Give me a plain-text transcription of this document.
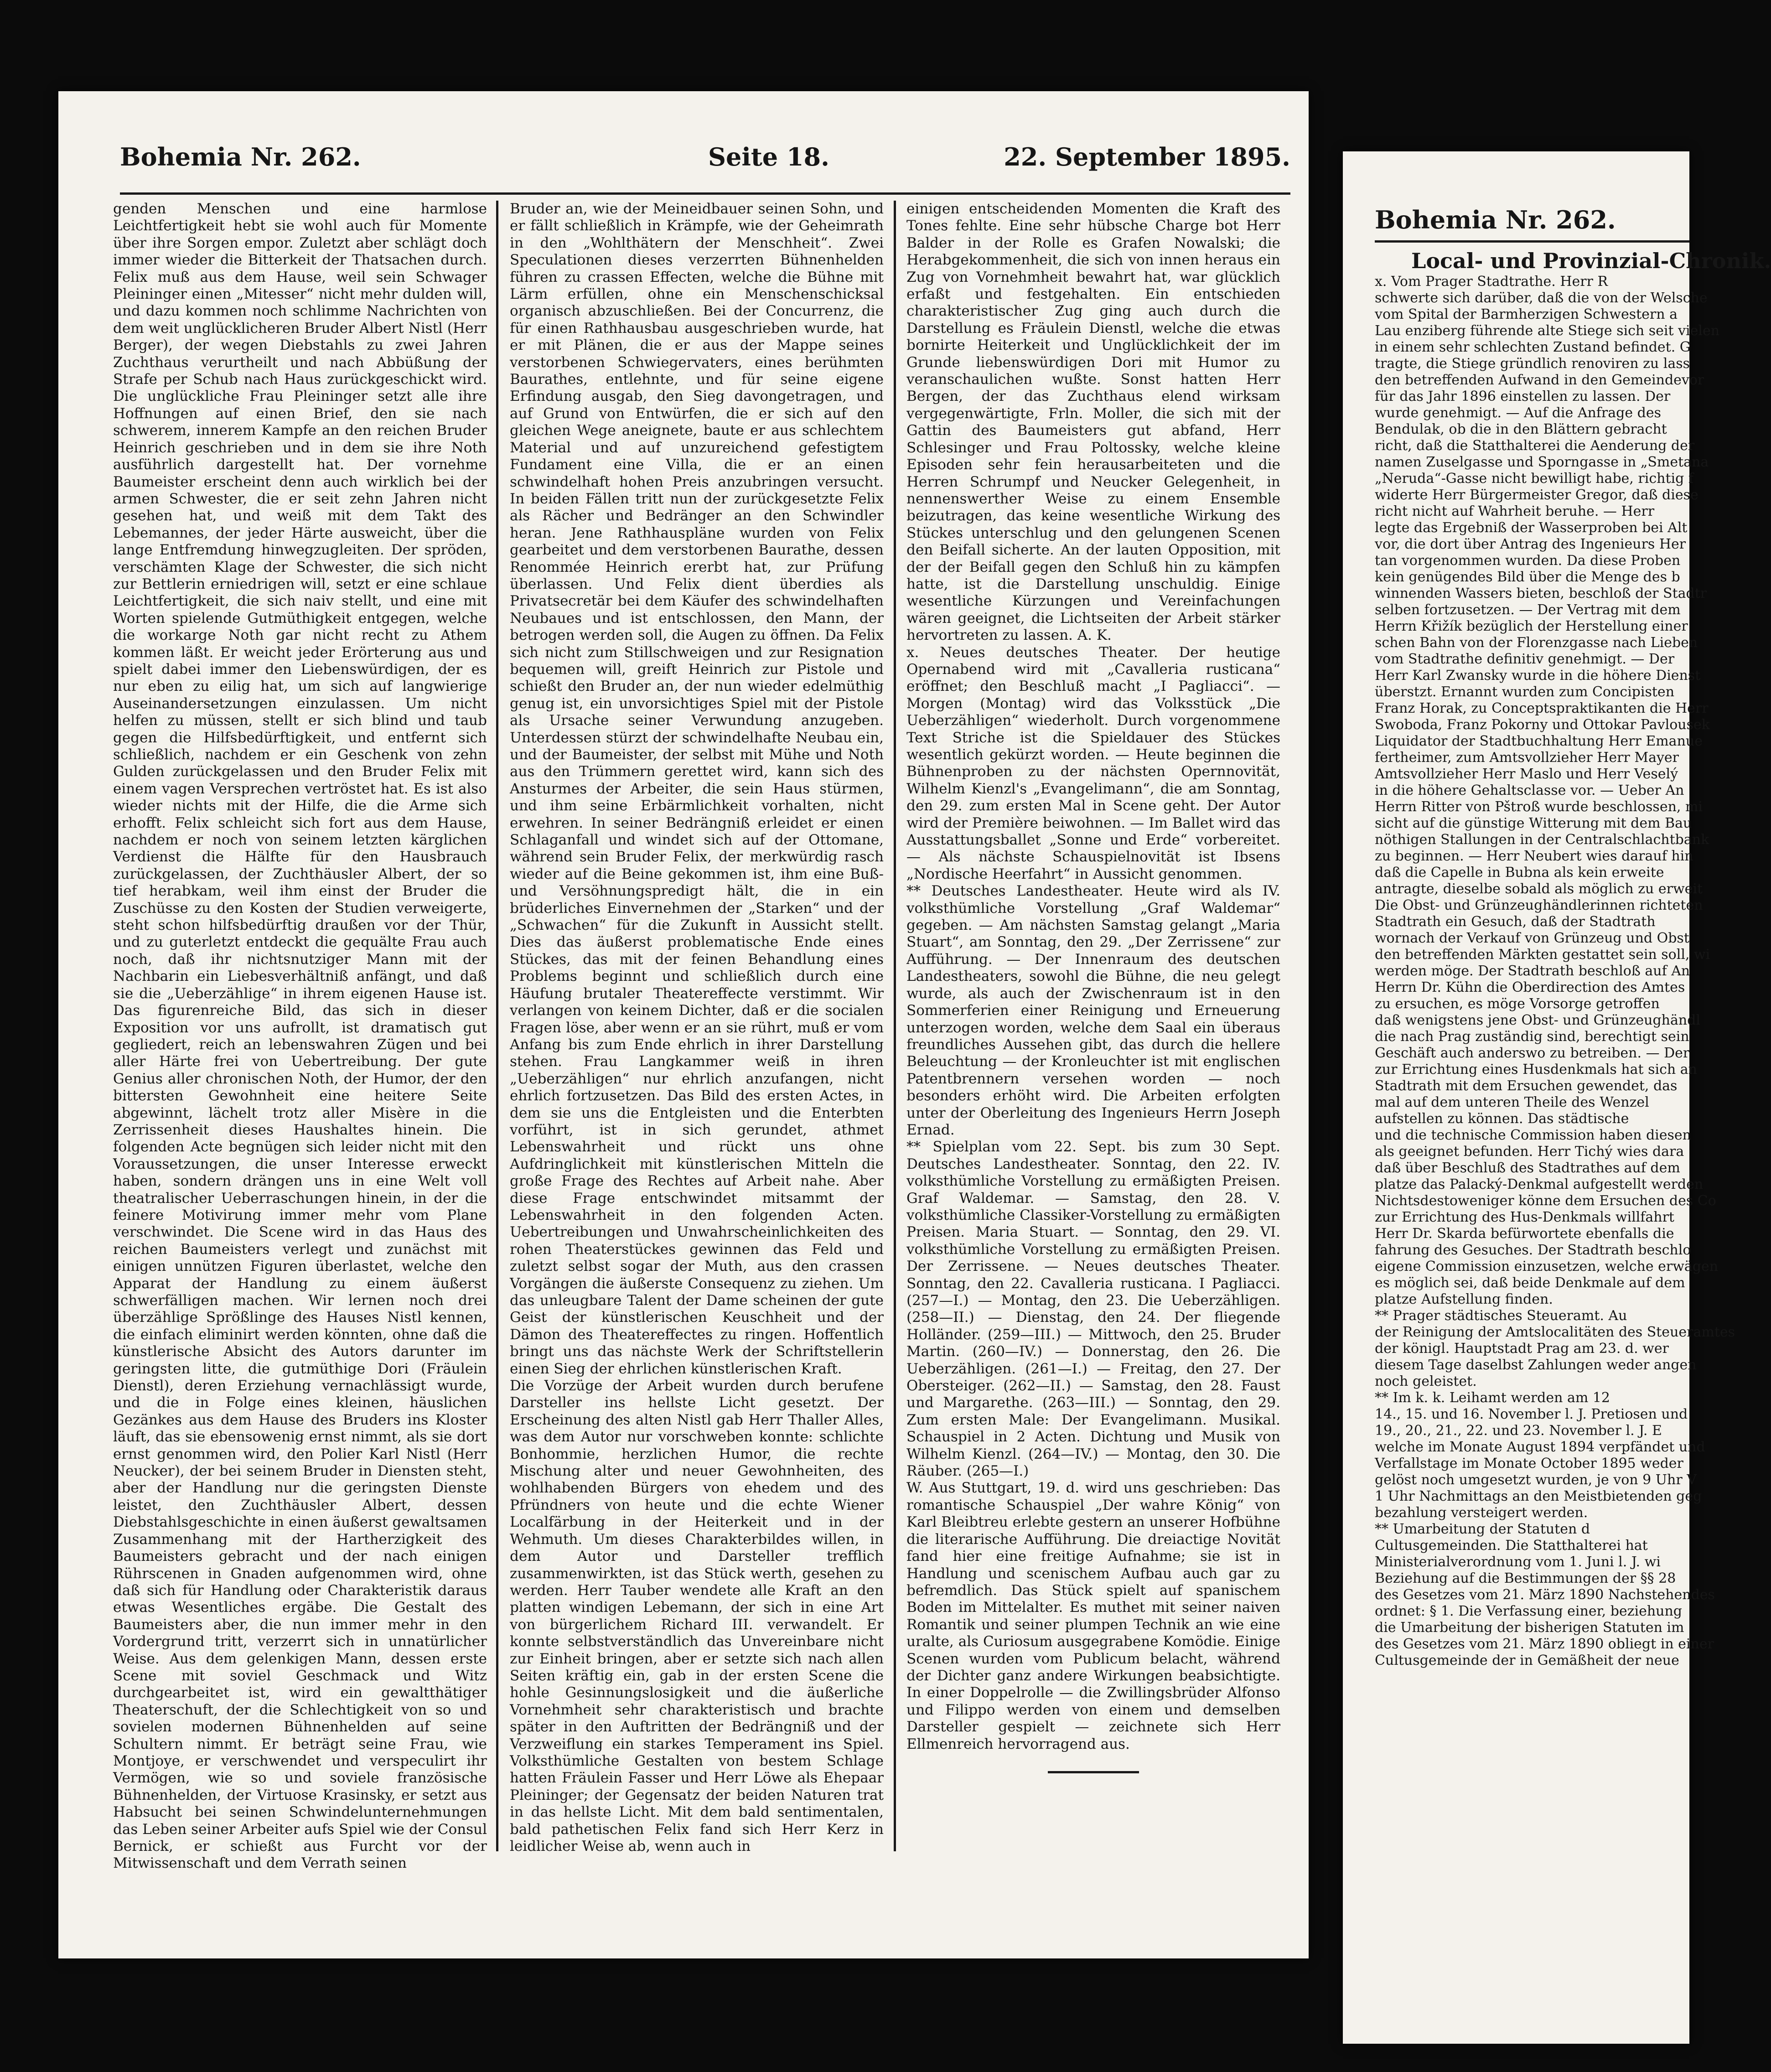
Bohemia Nr. 262.	Seite 18.	22. September 1895.

genden Menschen und eine harmlose Leichtfertigkeit hebt sie wohl auch für Momente über ihre Sorgen empor. Zuletzt aber schlägt doch immer wieder die Bitterkeit der Thatsachen durch. Felix muß aus dem Hause, weil sein Schwager Pleininger einen „Mitesser“ nicht mehr dulden will, und dazu kommen noch schlimme Nachrichten von dem weit unglücklicheren Bruder Albert Nistl (Herr Berger), der wegen Diebstahls zu zwei Jahren Zuchthaus verurtheilt und nach Abbüßung der Strafe per Schub nach Haus zurückgeschickt wird. Die unglückliche Frau Pleininger setzt alle ihre Hoffnungen auf einen Brief, den sie nach schwerem, innerem Kampfe an den reichen Bruder Heinrich geschrieben und in dem sie ihre Noth ausführlich dargestellt hat. Der vornehme Baumeister erscheint denn auch wirklich bei der armen Schwester, die er seit zehn Jahren nicht gesehen hat, und weiß mit dem Takt des Lebemannes, der jeder Härte ausweicht, über die lange Entfremdung hinwegzugleiten. Der spröden, verschämten Klage der Schwester, die sich nicht zur Bettlerin erniedrigen will, setzt er eine schlaue Leichtfertigkeit, die sich naiv stellt, und eine mit Worten spielende Gutmüthigkeit entgegen, welche die workarge Noth gar nicht recht zu Athem kommen läßt. Er weicht jeder Erörterung aus und spielt dabei immer den Liebenswürdigen, der es nur eben zu eilig hat, um sich auf langwierige Auseinandersetzungen einzulassen. Um nicht helfen zu müssen, stellt er sich blind und taub gegen die Hilfsbedürftigkeit, und entfernt sich schließlich, nachdem er ein Geschenk von zehn Gulden zurückgelassen und den Bruder Felix mit einem vagen Versprechen vertröstet hat. Es ist also wieder nichts mit der Hilfe, die die Arme sich erhofft. Felix schleicht sich fort aus dem Hause, nachdem er noch von seinem letzten kärglichen Verdienst die Hälfte für den Hausbrauch zurückgelassen, der Zuchthäusler Albert, der so tief herabkam, weil ihm einst der Bruder die Zuschüsse zu den Kosten der Studien verweigerte, steht schon hilfsbedürftig draußen vor der Thür, und zu guterletzt entdeckt die gequälte Frau auch noch, daß ihr nichtsnutziger Mann mit der Nachbarin ein Liebesverhältniß anfängt, und daß sie die „Ueberzählige“ in ihrem eigenen Hause ist. Das figurenreiche Bild, das sich in dieser Exposition vor uns aufrollt, ist dramatisch gut gegliedert, reich an lebenswahren Zügen und bei aller Härte frei von Uebertreibung. Der gute Genius aller chronischen Noth, der Humor, der den bittersten Gewohnheit eine heitere Seite abgewinnt, lächelt trotz aller Misère in die Zerrissenheit dieses Haushaltes hinein. Die folgenden Acte begnügen sich leider nicht mit den Voraussetzungen, die unser Interesse erweckt haben, sondern drängen uns in eine Welt voll theatralischer Ueberraschungen hinein, in der die feinere Motivirung immer mehr vom Plane verschwindet. Die Scene wird in das Haus des reichen Baumeisters verlegt und zunächst mit einigen unnützen Figuren überlastet, welche den Apparat der Handlung zu einem äußerst schwerfälligen machen. Wir lernen noch drei überzählige Sprößlinge des Hauses Nistl kennen, die einfach eliminirt werden könnten, ohne daß die künstlerische Absicht des Autors darunter im geringsten litte, die gutmüthige Dori (Fräulein Dienstl), deren Erziehung vernachlässigt wurde, und die in Folge eines kleinen, häuslichen Gezänkes aus dem Hause des Bruders ins Kloster läuft, das sie ebensowenig ernst nimmt, als sie dort ernst genommen wird, den Polier Karl Nistl (Herr Neucker), der bei seinem Bruder in Diensten steht, aber der Handlung nur die geringsten Dienste leistet, den Zuchthäusler Albert, dessen Diebstahlsgeschichte in einen äußerst gewaltsamen Zusammenhang mit der Hartherzigkeit des Baumeisters gebracht und der nach einigen Rührscenen in Gnaden aufgenommen wird, ohne daß sich für Handlung oder Charakteristik daraus etwas Wesentliches ergäbe. Die Gestalt des Baumeisters aber, die nun immer mehr in den Vordergrund tritt, verzerrt sich in unnatürlicher Weise. Aus dem gelenkigen Mann, dessen erste Scene mit soviel Geschmack und Witz durchgearbeitet ist, wird ein gewaltthätiger Theaterschuft, der die Schlechtigkeit von so und sovielen modernen Bühnenhelden auf seine Schultern nimmt. Er beträgt seine Frau, wie Montjoye, er verschwendet und verspeculirt ihr Vermögen, wie so und soviele französische Bühnenhelden, der Virtuose Krasinsky, er setzt aus Habsucht bei seinen Schwindelunternehmungen das Leben seiner Arbeiter aufs Spiel wie der Consul Bernick, er schießt aus Furcht vor der Mitwissenschaft und dem Verrath seinen

Bruder an, wie der Meineidbauer seinen Sohn, und er fällt schließlich in Krämpfe, wie der Geheimrath in den „Wohlthätern der Menschheit“. Zwei Speculationen dieses verzerrten Bühnenhelden führen zu crassen Effecten, welche die Bühne mit Lärm erfüllen, ohne ein Menschenschicksal organisch abzuschließen. Bei der Concurrenz, die für einen Rathhausbau ausgeschrieben wurde, hat er mit Plänen, die er aus der Mappe seines verstorbenen Schwiegervaters, eines berühmten Baurathes, entlehnte, und für seine eigene Erfindung ausgab, den Sieg davongetragen, und auf Grund von Entwürfen, die er sich auf den gleichen Wege aneignete, baute er aus schlechtem Material und auf unzureichend gefestigtem Fundament eine Villa, die er an einen schwindelhaft hohen Preis anzubringen versucht. In beiden Fällen tritt nun der zurückgesetzte Felix als Rächer und Bedränger an den Schwindler heran. Jene Rathhauspläne wurden von Felix gearbeitet und dem verstorbenen Baurathe, dessen Renommée Heinrich ererbt hat, zur Prüfung überlassen. Und Felix dient überdies als Privatsecretär bei dem Käufer des schwindelhaften Neubaues und ist entschlossen, den Mann, der betrogen werden soll, die Augen zu öffnen. Da Felix sich nicht zum Stillschweigen und zur Resignation bequemen will, greift Heinrich zur Pistole und schießt den Bruder an, der nun wieder edelmüthig genug ist, ein unvorsichtiges Spiel mit der Pistole als Ursache seiner Verwundung anzugeben. Unterdessen stürzt der schwindelhafte Neubau ein, und der Baumeister, der selbst mit Mühe und Noth aus den Trümmern gerettet wird, kann sich des Ansturmes der Arbeiter, die sein Haus stürmen, und ihm seine Erbärmlichkeit vorhalten, nicht erwehren. In seiner Bedrängniß erleidet er einen Schlaganfall und windet sich auf der Ottomane, während sein Bruder Felix, der merkwürdig rasch wieder auf die Beine gekommen ist, ihm eine Buß- und Versöhnungspredigt hält, die in ein brüderliches Einvernehmen der „Starken“ und der „Schwachen“ für die Zukunft in Aussicht stellt. Dies das äußerst problematische Ende eines Stückes, das mit der feinen Behandlung eines Problems beginnt und schließlich durch eine Häufung brutaler Theatereffecte verstimmt. Wir verlangen von keinem Dichter, daß er die socialen Fragen löse, aber wenn er an sie rührt, muß er vom Anfang bis zum Ende ehrlich in ihrer Darstellung stehen. Frau Langkammer weiß in ihren „Ueberzähligen“ nur ehrlich anzufangen, nicht ehrlich fortzusetzen. Das Bild des ersten Actes, in dem sie uns die Entgleisten und die Enterbten vorführt, ist in sich gerundet, athmet Lebenswahrheit und rückt uns ohne Aufdringlichkeit mit künstlerischen Mitteln die große Frage des Rechtes auf Arbeit nahe. Aber diese Frage entschwindet mitsammt der Lebenswahrheit in den folgenden Acten. Uebertreibungen und Unwahrscheinlichkeiten des rohen Theaterstückes gewinnen das Feld und zuletzt selbst sogar der Muth, aus den crassen Vorgängen die äußerste Consequenz zu ziehen. Um das unleugbare Talent der Dame scheinen der gute Geist der künstlerischen Keuschheit und der Dämon des Theatereffectes zu ringen. Hoffentlich bringt uns das nächste Werk der Schriftstellerin einen Sieg der ehrlichen künstlerischen Kraft.

Die Vorzüge der Arbeit wurden durch berufene Darsteller ins hellste Licht gesetzt. Der Erscheinung des alten Nistl gab Herr Thaller Alles, was dem Autor nur vorschweben konnte: schlichte Bonhommie, herzlichen Humor, die rechte Mischung alter und neuer Gewohnheiten, des wohlhabenden Bürgers von ehedem und des Pfründners von heute und die echte Wiener Localfärbung in der Heiterkeit und in der Wehmuth. Um dieses Charakterbildes willen, in dem Autor und Darsteller trefflich zusammenwirkten, ist das Stück werth, gesehen zu werden. Herr Tauber wendete alle Kraft an den platten windigen Lebemann, der sich in eine Art von bürgerlichem Richard III. verwandelt. Er konnte selbstverständlich das Unvereinbare nicht zur Einheit bringen, aber er setzte sich nach allen Seiten kräftig ein, gab in der ersten Scene die hohle Gesinnungslosigkeit und die äußerliche Vornehmheit sehr charakteristisch und brachte später in den Auftritten der Bedrängniß und der Verzweiflung ein starkes Temperament ins Spiel. Volksthümliche Gestalten von bestem Schlage hatten Fräulein Fasser und Herr Löwe als Ehepaar Pleininger; der Gegensatz der beiden Naturen trat in das hellste Licht. Mit dem bald sentimentalen, bald pathetischen Felix fand sich Herr Kerz in leidlicher Weise ab, wenn auch in

einigen entscheidenden Momenten die Kraft des Tones fehlte. Eine sehr hübsche Charge bot Herr Balder in der Rolle es Grafen Nowalski; die Herabgekommenheit, die sich von innen heraus ein Zug von Vornehmheit bewahrt hat, war glücklich erfaßt und festgehalten. Ein entschieden charakteristischer Zug ging auch durch die Darstellung es Fräulein Dienstl, welche die etwas bornirte Heiterkeit und Unglücklichkeit der im Grunde liebenswürdigen Dori mit Humor zu veranschaulichen wußte. Sonst hatten Herr Bergen, der das Zuchthaus elend wirksam vergegenwärtigte, Frln. Moller, die sich mit der Gattin des Baumeisters gut abfand, Herr Schlesinger und Frau Poltossky, welche kleine Episoden sehr fein herausarbeiteten und die Herren Schrumpf und Neucker Gelegenheit, in nennenswerther Weise zu einem Ensemble beizutragen, das keine wesentliche Wirkung des Stückes unterschlug und den gelungenen Scenen den Beifall sicherte. An der lauten Opposition, mit der der Beifall gegen den Schluß hin zu kämpfen hatte, ist die Darstellung unschuldig. Einige wesentliche Kürzungen und Vereinfachungen wären geeignet, die Lichtseiten der Arbeit stärker hervortreten zu lassen. A. K.

x. Neues deutsches Theater. Der heutige Opernabend wird mit „Cavalleria rusticana“ eröffnet; den Beschluß macht „I Pagliacci“. — Morgen (Montag) wird das Volksstück „Die Ueberzähligen“ wiederholt. Durch vorgenommene Text Striche ist die Spieldauer des Stückes wesentlich gekürzt worden. — Heute beginnen die Bühnenproben zu der nächsten Opernnovität, Wilhelm Kienzl's „Evangelimann“, die am Sonntag, den 29. zum ersten Mal in Scene geht. Der Autor wird der Première beiwohnen. — Im Ballet wird das Ausstattungsballet „Sonne und Erde“ vorbereitet. — Als nächste Schauspielnovität ist Ibsens „Nordische Heerfahrt“ in Aussicht genommen.

** Deutsches Landestheater. Heute wird als IV. volksthümliche Vorstellung „Graf Waldemar“ gegeben. — Am nächsten Samstag gelangt „Maria Stuart“, am Sonntag, den 29. „Der Zerrissene“ zur Aufführung. — Der Innenraum des deutschen Landestheaters, sowohl die Bühne, die neu gelegt wurde, als auch der Zwischenraum ist in den Sommerferien einer Reinigung und Erneuerung unterzogen worden, welche dem Saal ein überaus freundliches Aussehen gibt, das durch die hellere Beleuchtung — der Kronleuchter ist mit englischen Patentbrennern versehen worden — noch besonders erhöht wird. Die Arbeiten erfolgten unter der Oberleitung des Ingenieurs Herrn Joseph Ernad.

** Spielplan vom 22. Sept. bis zum 30 Sept. Deutsches Landestheater. Sonntag, den 22. IV. volksthümliche Vorstellung zu ermäßigten Preisen. Graf Waldemar. — Samstag, den 28. V. volksthümliche Classiker-Vorstellung zu ermäßigten Preisen. Maria Stuart. — Sonntag, den 29. VI. volksthümliche Vorstellung zu ermäßigten Preisen. Der Zerrissene. — Neues deutsches Theater. Sonntag, den 22. Cavalleria rusticana. I Pagliacci. (257—I.) — Montag, den 23. Die Ueberzähligen. (258—II.) — Dienstag, den 24. Der fliegende Holländer. (259—III.) — Mittwoch, den 25. Bruder Martin. (260—IV.) — Donnerstag, den 26. Die Ueberzähligen. (261—I.) — Freitag, den 27. Der Obersteiger. (262—II.) — Samstag, den 28. Faust und Margarethe. (263—III.) — Sonntag, den 29. Zum ersten Male: Der Evangelimann. Musikal. Schauspiel in 2 Acten. Dichtung und Musik von Wilhelm Kienzl. (264—IV.) — Montag, den 30. Die Räuber. (265—I.)

W. Aus Stuttgart, 19. d. wird uns geschrieben: Das romantische Schauspiel „Der wahre König“ von Karl Bleibtreu erlebte gestern an unserer Hofbühne die literarische Aufführung. Die dreiactige Novität fand hier eine freitige Aufnahme; sie ist in Handlung und scenischem Aufbau auch gar zu befremdlich. Das Stück spielt auf spanischem Boden im Mittelalter. Es muthet mit seiner naiven Romantik und seiner plumpen Technik an wie eine uralte, als Curiosum ausgegrabene Komödie. Einige Scenen wurden vom Publicum belacht, während der Dichter ganz andere Wirkungen beabsichtigte. In einer Doppelrolle — die Zwillingsbrüder Alfonso und Filippo werden von einem und demselben Darsteller gespielt — zeichnete sich Herr Ellmenreich hervorragend aus.

Bohemia Nr. 262.
Local- und Provinzial-Chronik.

x. Vom Prager Stadtrathe. Herr R

schwerte sich darüber, daß die von der Welsche

vom Spital der Barmherzigen Schwestern a

Lau enziberg führende alte Stiege sich seit vielen

in einem sehr schlechten Zustand befindet. G

tragte, die Stiege gründlich renoviren zu lass

den betreffenden Aufwand in den Gemeindevor

für das Jahr 1896 einstellen zu lassen. Der

wurde genehmigt. — Auf die Anfrage des

Bendulak, ob die in den Blättern gebracht

richt, daß die Statthalterei die Aenderung der

namen Zuselgasse und Sporngasse in „Smetana

„Neruda“-Gasse nicht bewilligt habe, richtig f

widerte Herr Bürgermeister Gregor, daß diese

richt nicht auf Wahrheit beruhe. — Herr

legte das Ergebniß der Wasserproben bei Alt

vor, die dort über Antrag des Ingenieurs Her

tan vorgenommen wurden. Da diese Proben

kein genügendes Bild über die Menge des b

winnenden Wassers bieten, beschloß der Stadtr

selben fortzusetzen. — Der Vertrag mit dem

Herrn Křižík bezüglich der Herstellung einer

schen Bahn von der Florenzgasse nach Lieben

vom Stadtrathe definitiv genehmigt. — Der

Herr Karl Zwansky wurde in die höhere Dienst

überstzt. Ernannt wurden zum Concipisten

Franz Horak, zu Conceptspraktikanten die Herr

Swoboda, Franz Pokorny und Ottokar Pavlousek

Liquidator der Stadtbuchhaltung Herr Emanue

fertheimer, zum Amtsvollzieher Herr Mayer

Amtsvollzieher Herr Maslo und Herr Veselý

in die höhere Gehaltsclasse vor. — Ueber An

Herrn Ritter von Pštroß wurde beschlossen, mi

sicht auf die günstige Witterung mit dem Bau

nöthigen Stallungen in der Centralschlachtbank

zu beginnen. — Herr Neubert wies darauf hin

daß die Capelle in Bubna als kein erweite

antragte, dieselbe sobald als möglich zu erweit

Die Obst- und Grünzeughändlerinnen richteten

Stadtrath ein Gesuch, daß der Stadtrath

wornach der Verkauf von Grünzeug und Obst

den betreffenden Märkten gestattet sein soll, wi

werden möge. Der Stadtrath beschloß auf An

Herrn Dr. Kühn die Oberdirection des Amtes

zu ersuchen, es möge Vorsorge getroffen

daß wenigstens jene Obst- und Grünzeughändl

die nach Prag zuständig sind, berechtigt sein

Geschäft auch anderswo zu betreiben. — Der

zur Errichtung eines Husdenkmals hat sich an

Stadtrath mit dem Ersuchen gewendet, das

mal auf dem unteren Theile des Wenzel

aufstellen zu können. Das städtische

und die technische Commission haben diesen

als geeignet befunden. Herr Tichý wies dara

daß über Beschluß des Stadtrathes auf dem

platze das Palacký-Denkmal aufgestellt werden

Nichtsdestoweniger könne dem Ersuchen des Co

zur Errichtung des Hus-Denkmals willfahrt

Herr Dr. Skarda befürwortete ebenfalls die

fahrung des Gesuches. Der Stadtrath beschlo

eigene Commission einzusetzen, welche erwägen

es möglich sei, daß beide Denkmale auf dem

platze Aufstellung finden.

** Prager städtisches Steueramt. Au

der Reinigung der Amtslocalitäten des Steueramtes

der königl. Hauptstadt Prag am 23. d. wer

diesem Tage daselbst Zahlungen weder angen

noch geleistet.

** Im k. k. Leihamt werden am 12

14., 15. und 16. November l. J. Pretiosen und

19., 20., 21., 22. und 23. November l. J. E

welche im Monate August 1894 verpfändet und

Verfallstage im Monate October 1895 weder

gelöst noch umgesetzt wurden, je von 9 Uhr V

1 Uhr Nachmittags an den Meistbietenden geg

bezahlung versteigert werden.

** Umarbeitung der Statuten d

Cultusgemeinden. Die Statthalterei hat

Ministerialverordnung vom 1. Juni l. J. wi

Beziehung auf die Bestimmungen der §§ 28

des Gesetzes vom 21. März 1890 Nachstehendes

ordnet: § 1. Die Verfassung einer, beziehung

die Umarbeitung der bisherigen Statuten im

des Gesetzes vom 21. März 1890 obliegt in einer

Cultusgemeinde der in Gemäßheit der neue
